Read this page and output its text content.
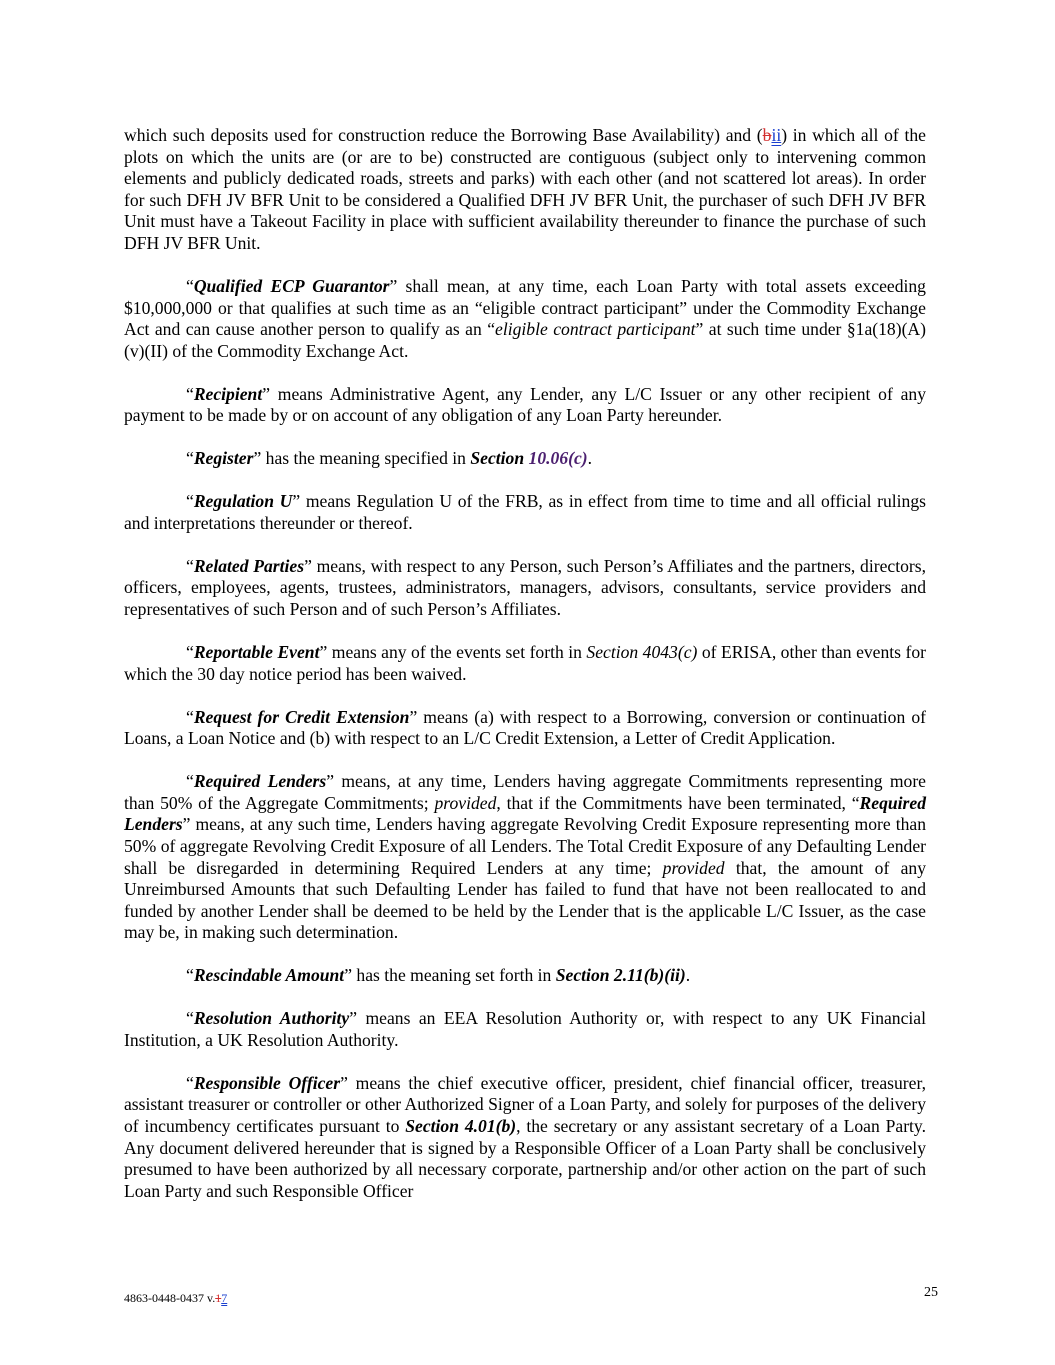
which such deposits used for construction reduce the Borrowing Base Availability) and (bii) in which all of the plots on which the units are (or are to be) constructed are contiguous (subject only to intervening common elements and publicly dedicated roads, streets and parks) with each other (and not scattered lot areas). In order for such DFH JV BFR Unit to be considered a Qualified DFH JV BFR Unit, the purchaser of such DFH JV BFR Unit must have a Takeout Facility in place with sufficient availability thereunder to finance the purchase of such DFH JV BFR Unit.

“Qualified ECP Guarantor” shall mean, at any time, each Loan Party with total assets exceeding $10,000,000 or that qualifies at such time as an “eligible contract participant” under the Commodity Exchange Act and can cause another person to qualify as an “eligible contract participant” at such time under §1a(18)(A)(v)(II) of the Commodity Exchange Act.

“Recipient” means Administrative Agent, any Lender, any L/C Issuer or any other recipient of any payment to be made by or on account of any obligation of any Loan Party hereunder.

“Register” has the meaning specified in Section 10.06(c).

“Regulation U” means Regulation U of the FRB, as in effect from time to time and all official rulings and interpretations thereunder or thereof.

“Related Parties” means, with respect to any Person, such Person’s Affiliates and the partners, directors, officers, employees, agents, trustees, administrators, managers, advisors, consultants, service providers and representatives of such Person and of such Person’s Affiliates.

“Reportable Event” means any of the events set forth in Section 4043(c) of ERISA, other than events for which the 30 day notice period has been waived.

“Request for Credit Extension” means (a) with respect to a Borrowing, conversion or continuation of Loans, a Loan Notice and (b) with respect to an L/C Credit Extension, a Letter of Credit Application.

“Required Lenders” means, at any time, Lenders having aggregate Commitments representing more than 50% of the Aggregate Commitments; provided, that if the Commitments have been terminated, “Required Lenders” means, at any such time, Lenders having aggregate Revolving Credit Exposure representing more than 50% of aggregate Revolving Credit Exposure of all Lenders. The Total Credit Exposure of any Defaulting Lender shall be disregarded in determining Required Lenders at any time; provided that, the amount of any Unreimbursed Amounts that such Defaulting Lender has failed to fund that have not been reallocated to and funded by another Lender shall be deemed to be held by the Lender that is the applicable L/C Issuer, as the case may be, in making such determination.

“Rescindable Amount” has the meaning set forth in Section 2.11(b)(ii).

“Resolution Authority” means an EEA Resolution Authority or, with respect to any UK Financial Institution, a UK Resolution Authority.

“Responsible Officer” means the chief executive officer, president, chief financial officer, treasurer, assistant treasurer or controller or other Authorized Signer of a Loan Party, and solely for purposes of the delivery of incumbency certificates pursuant to Section 4.01(b), the secretary or any assistant secretary of a Loan Party. Any document delivered hereunder that is signed by a Responsible Officer of a Loan Party shall be conclusively presumed to have been authorized by all necessary corporate, partnership and/or other action on the part of such Loan Party and such Responsible Officer

4863-0448-0437 v.17	25
